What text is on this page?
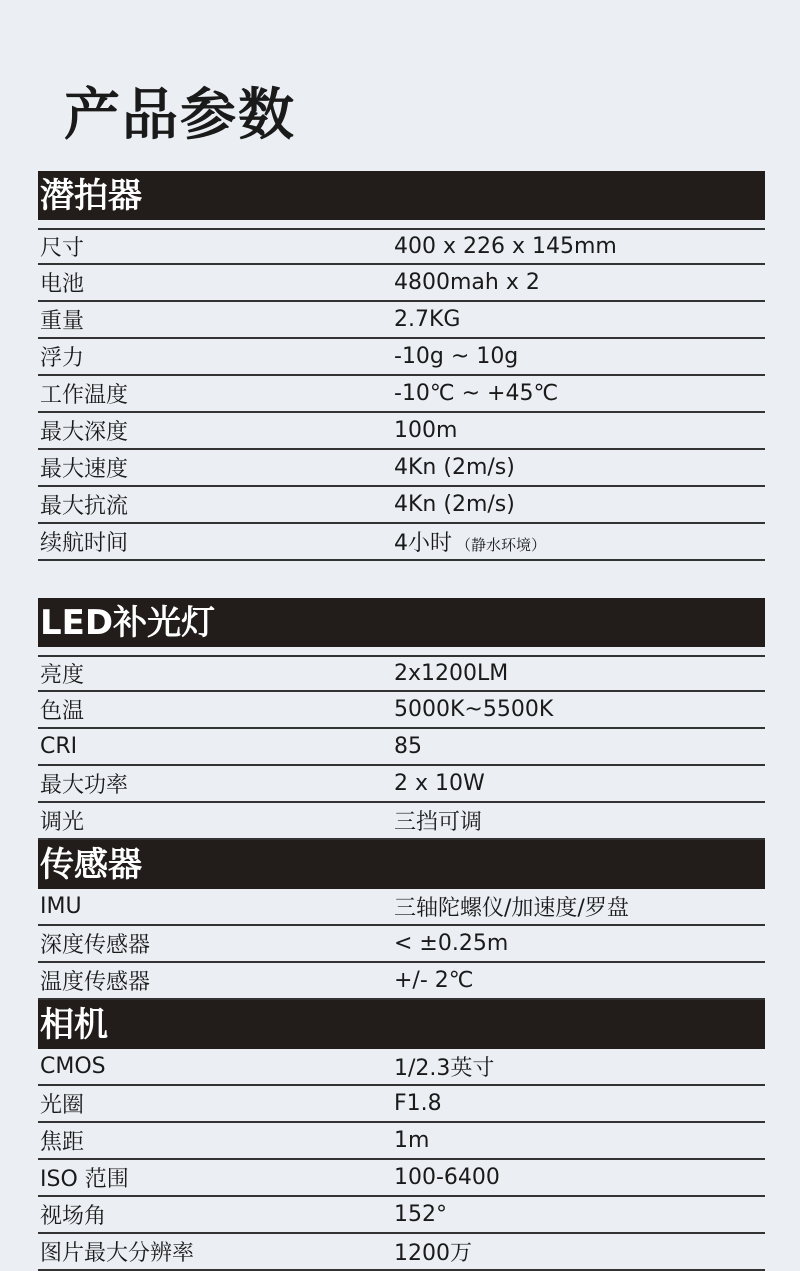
产品参数
潜拍器
尺寸	400 x 226 x 145mm
电池	4800mah x 2
重量	2.7KG
浮力	-10g ~ 10g
工作温度	-10℃ ~ +45℃
最大深度	100m
最大速度	4Kn (2m/s)
最大抗流	4Kn (2m/s)
续航时间	4小时 （静水环境）
LED补光灯
亮度	2x1200LM
色温	5000K~5500K
CRI	85
最大功率	2 x 10W
调光	三挡可调
传感器
IMU	三轴陀螺仪/加速度/罗盘
深度传感器	< ±0.25m
温度传感器	+/- 2℃
相机
CMOS	1/2.3英寸
光圈	F1.8
焦距	1m
ISO 范围	100-6400
视场角	152°
图片最大分辨率	1200万
